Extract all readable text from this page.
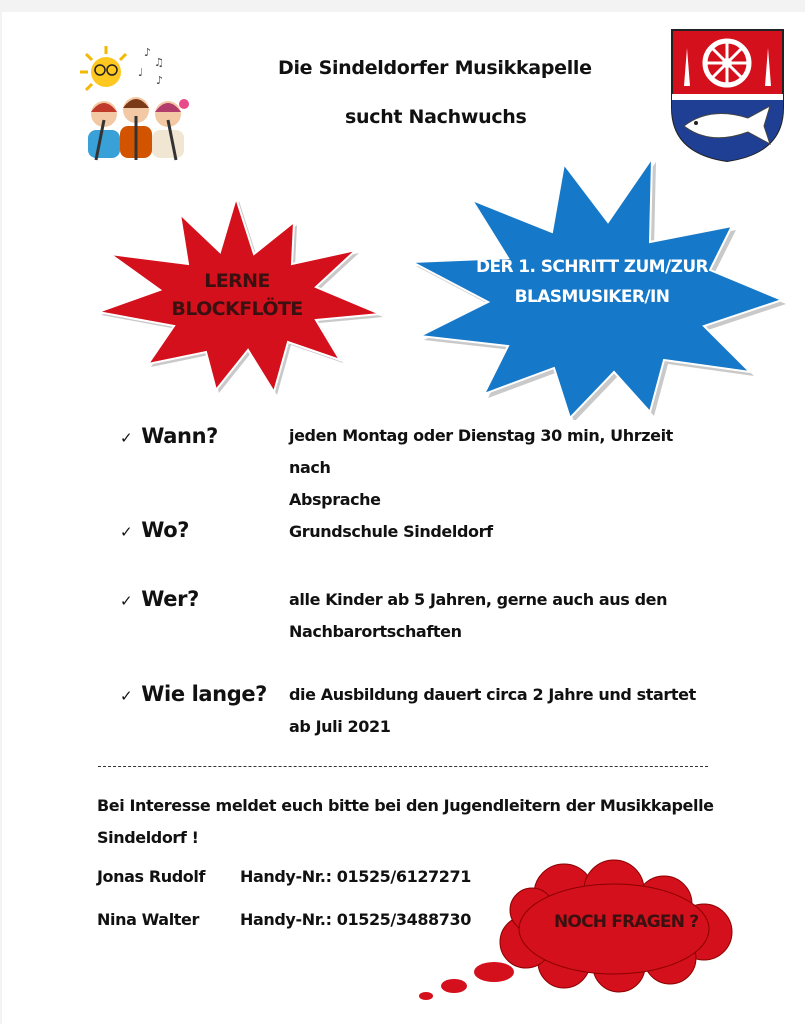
♪
♫
♩
♪
Die Sindeldorfer Musikkapelle
sucht Nachwuchs
LERNE
BLOCKFLÖTE
DER 1. SCHRITT ZUM/ZUR
BLASMUSIKER/IN
✓ Wann?	jeden Montag oder Dienstag 30 min, Uhrzeit nach
Absprache
✓ Wo?	Grundschule Sindeldorf
✓ Wer?	alle Kinder ab 5 Jahren, gerne auch aus den
Nachbarortschaften
✓ Wie lange? die Ausbildung dauert circa 2 Jahre und startet
ab Juli 2021
Bei Interesse meldet euch bitte bei den Jugendleitern der Musikkapelle
Sindeldorf !
Jonas Rudolf Handy-Nr.: 01525/6127271
Nina Walter	Handy-Nr.: 01525/3488730	NOCH FRAGEN ?
